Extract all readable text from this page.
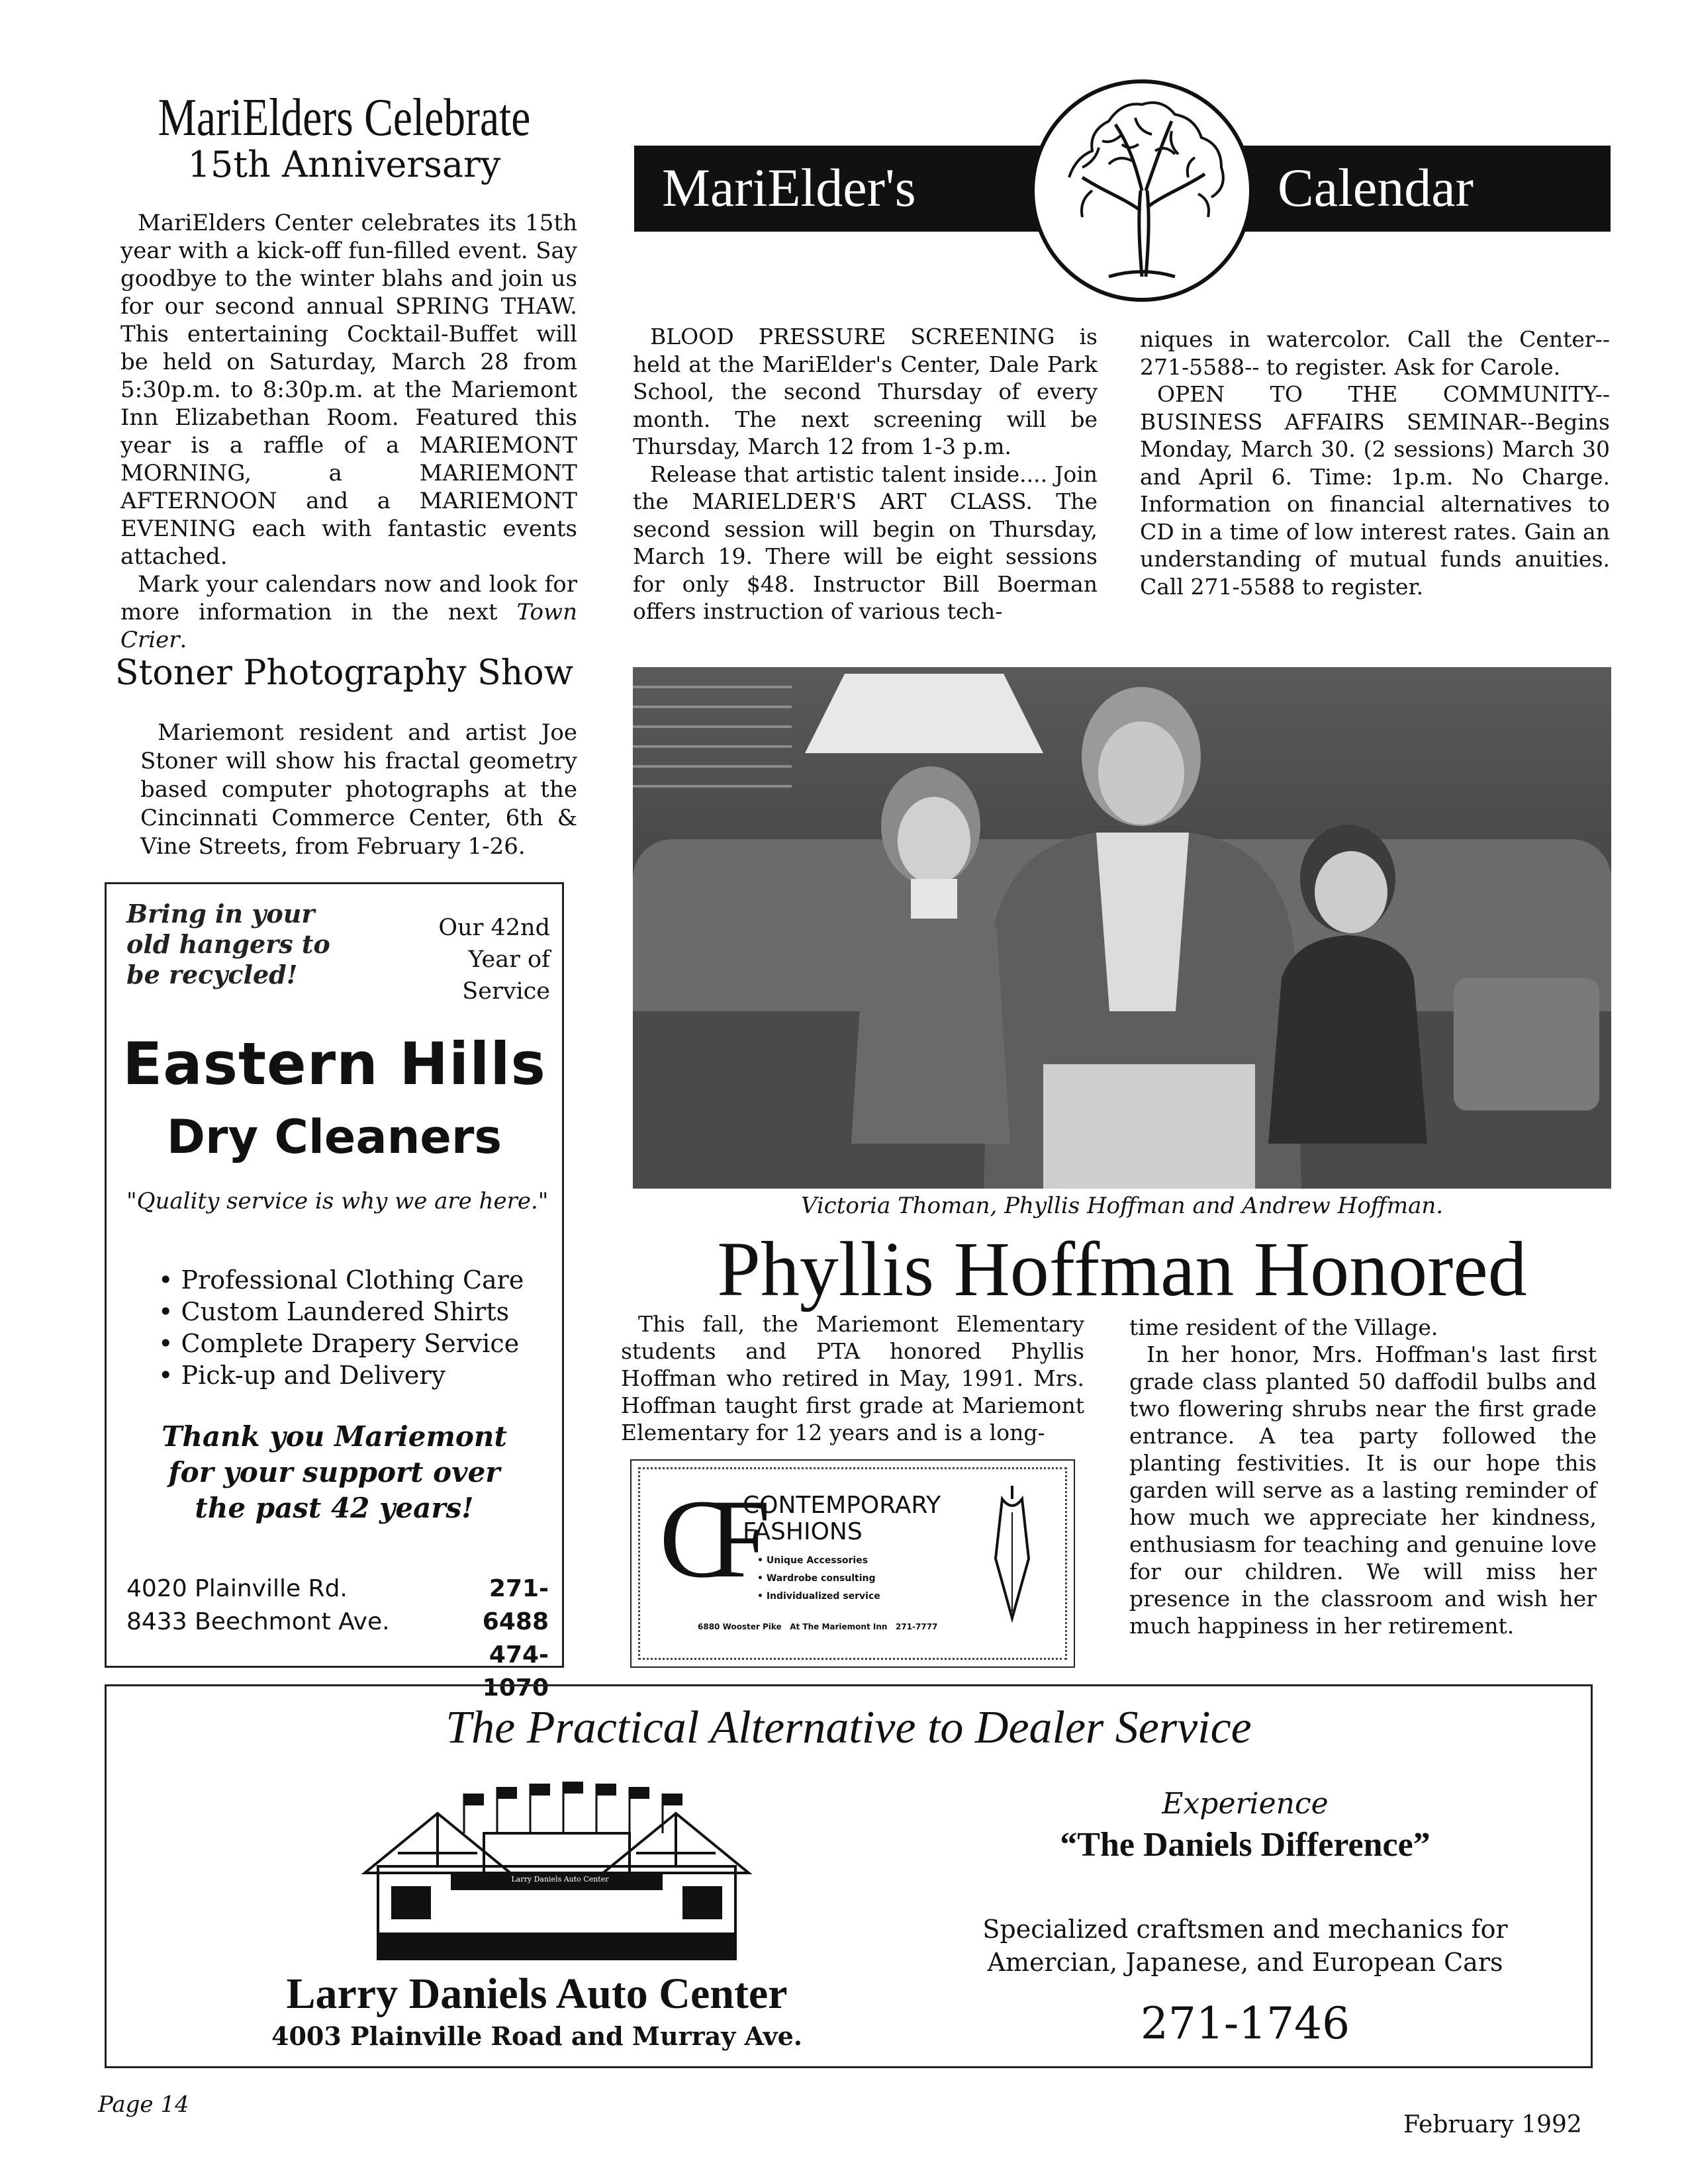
MariElders Celebrate
15th Anniversary

MariElders Center celebrates its 15th year with a kick-off fun-filled event. Say goodbye to the winter blahs and join us for our second annual SPRING THAW. This entertaining Cocktail-Buffet will be held on Saturday, March 28 from 5:30p.m. to 8:30p.m. at the Mariemont Inn Elizabethan Room. Featured this year is a raffle of a MARIEMONT MORNING, a MARIEMONT AFTERNOON and a MARIEMONT EVENING each with fantastic events attached.

Mark your calendars now and look for more information in the next Town Crier.

Stoner Photography Show

Mariemont resident and artist Joe Stoner will show his fractal geometry based computer photographs at the Cincinnati Commerce Center, 6th & Vine Streets, from February 1-26.

Bring in your old hangers to be recycled!
Our 42nd
Year of
Service
Eastern Hills
Dry Cleaners
"Quality service is why we are here."
• Professional Clothing Care
• Custom Laundered Shirts
• Complete Drapery Service
• Pick-up and Delivery
Thank you Mariemont
for your support over
the past 42 years!
4020 Plainville Rd.
8433 Beechmont Ave.
271-6488
474-1070
MariElder's	Calendar

BLOOD PRESSURE SCREENING is held at the MariElder's Center, Dale Park School, the second Thursday of every month. The next screening will be Thursday, March 12 from 1-3 p.m.

Release that artistic talent inside.... Join the MARIELDER'S ART CLASS. The second session will begin on Thursday, March 19. There will be eight sessions for only $48. Instructor Bill Boerman offers instruction of various tech-

niques in watercolor. Call the Center-- 271-5588-- to register. Ask for Carole.

OPEN TO THE COMMUNITY--BUSINESS AFFAIRS SEMINAR--Begins Monday, March 30. (2 sessions) March 30 and April 6. Time: 1p.m. No Charge. Information on financial alternatives to CD in a time of low interest rates. Gain an understanding of mutual funds anuities. Call 271-5588 to register.

Victoria Thoman, Phyllis Hoffman and Andrew Hoffman.
Phyllis Hoffman Honored

This fall, the Mariemont Elementary students and PTA honored Phyllis Hoffman who retired in May, 1991. Mrs. Hoffman taught first grade at Mariemont Elementary for 12 years and is a long-

time resident of the Village.

In her honor, Mrs. Hoffman's last first grade class planted 50 daffodil bulbs and two flowering shrubs near the first grade entrance. A tea party followed the planting festivities. It is our hope this garden will serve as a lasting reminder of how much we appreciate her kindness, enthusiasm for teaching and genuine love for our children. We will miss her presence in the classroom and wish her much happiness in her retirement.

CF
CONTEMPORARY
FASHIONS
• Unique Accessories
• Wardrobe consulting
• Individualized service
6880 Wooster Pike   At The Mariemont Inn   271-7777
The Practical Alternative to Dealer Service
Larry Daniels Auto Center
Larry Daniels Auto Center
4003 Plainville Road and Murray Ave.
Experience
“The Daniels Difference”
Specialized craftsmen and mechanics for
Amercian, Japanese, and European Cars
271-1746
Page 14
February 1992
